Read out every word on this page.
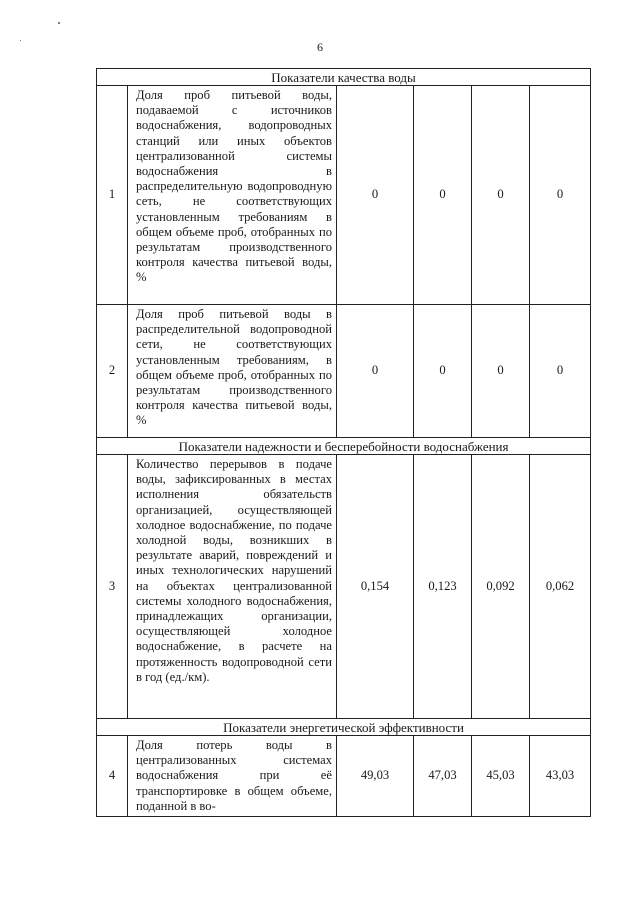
6
Показатели качества воды					
1	Доля проб питьевой воды, подаваемой с источников водоснабжения, водопроводных станций или иных объектов централизованной системы водоснабжения в распределительную водопроводную сеть, не соответствующих установленным требованиям в общем объеме проб, отобранных по результатам производственного контроля качества питьевой воды, %	0	0	0	0
2	Доля проб питьевой воды в распределительной водопроводной сети, не соответствующих установленным требованиям, в общем объеме проб, отобранных по результатам производственного контроля качества питьевой воды, %	0	0	0	0
Показатели надежности и бесперебойности водоснабжения					
3	Количество перерывов в подаче воды, зафиксированных в местах исполнения обязательств организацией, осуществляющей холодное водоснабжение, по подаче холодной воды, возникших в результате аварий, повреждений и иных технологических нарушений на объектах централизованной системы холодного водоснабжения, принадлежащих организации, осуществляющей холодное водоснабжение, в расчете на протяженность водопроводной сети в год (ед./км).	0,154	0,123	0,092	0,062
Показатели энергетической эффективности					
4	Доля потерь воды в централизованных системах водоснабжения при её транспортировке в общем объеме, поданной в во-	49,03	47,03	45,03	43,03
